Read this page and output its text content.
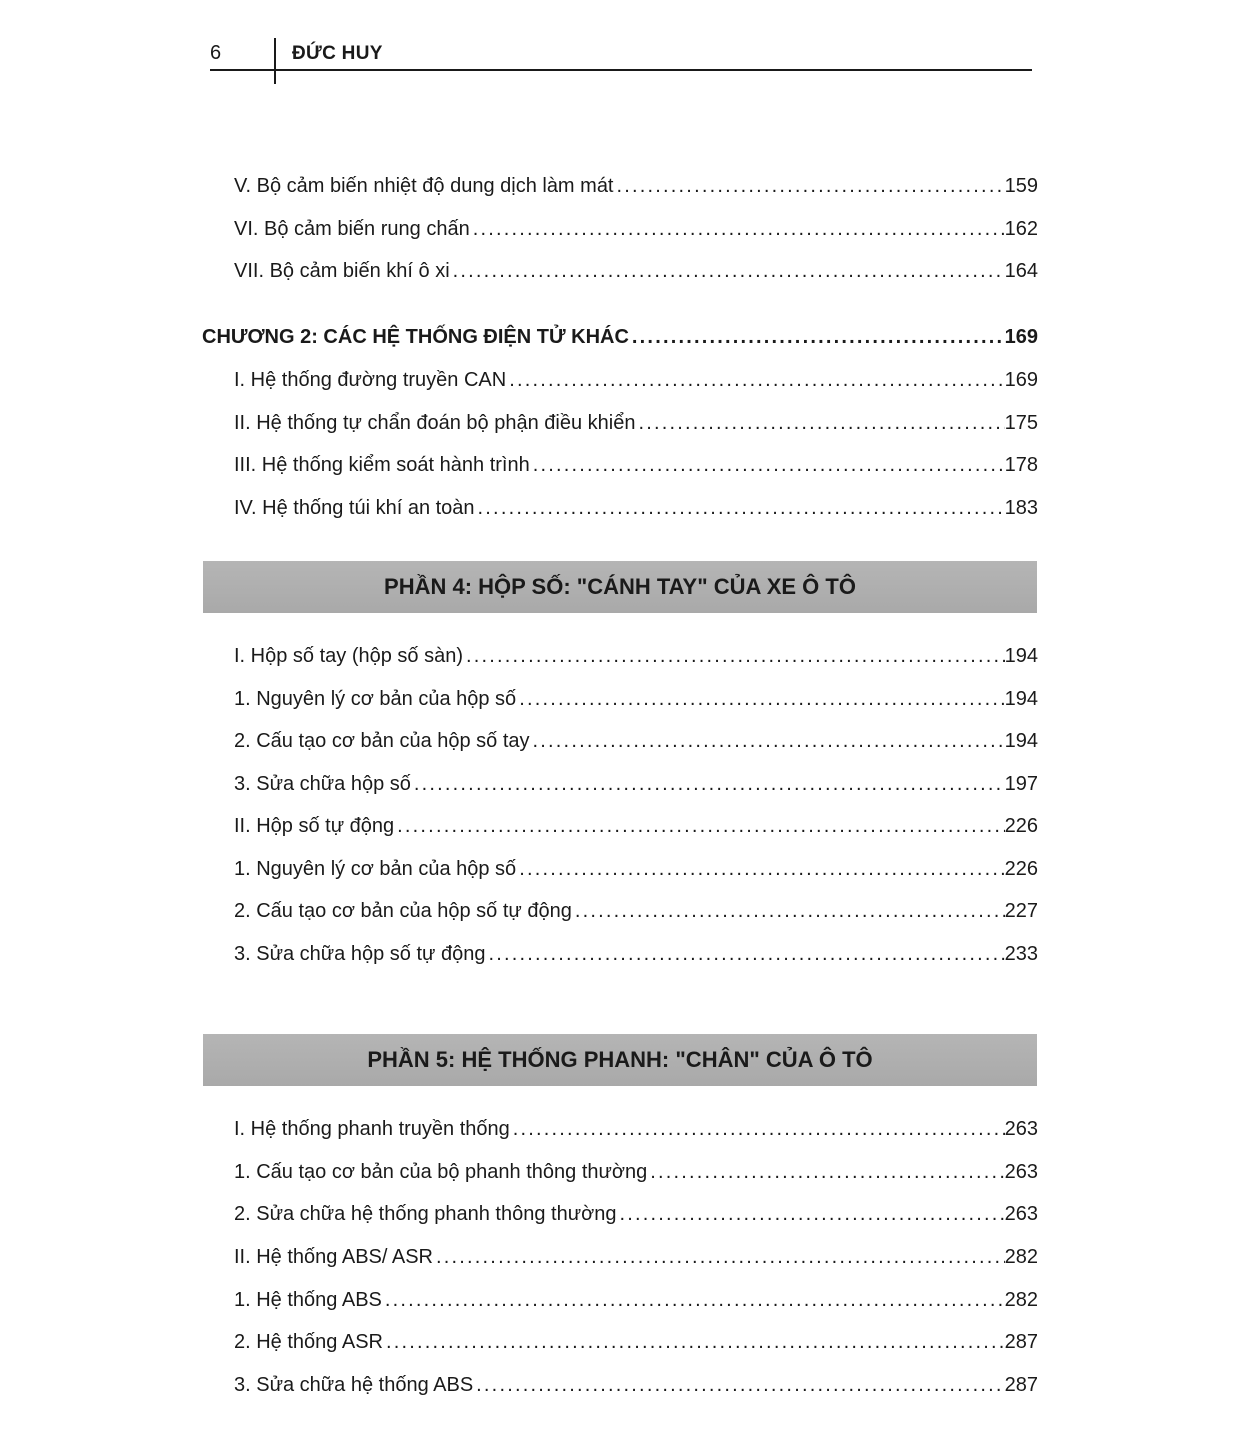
6	ĐỨC HUY
V. Bộ cảm biến nhiệt độ dung dịch làm mát .....	159
VI. Bộ cảm biến rung chấn .....	162
VII. Bộ cảm biến khí ô xi .....	164
CHƯƠNG 2: CÁC HỆ THỐNG ĐIỆN TỬ KHÁC .....	169
I. Hệ thống đường truyền CAN .....	169
II. Hệ thống tự chẩn đoán bộ phận điều khiển .....	175
III. Hệ thống kiểm soát hành trình .....	178
IV. Hệ thống túi khí an toàn .....	183
PHẦN 4: HỘP SỐ: "CÁNH TAY" CỦA XE Ô TÔ
I. Hộp số tay (hộp số sàn) .....	194
1. Nguyên lý cơ bản của hộp số .....	194
2. Cấu tạo cơ bản của hộp số tay .....	194
3. Sửa chữa hộp số .....	197
II. Hộp số tự động .....	226
1. Nguyên lý cơ bản của hộp số .....	226
2. Cấu tạo cơ bản của hộp số tự động .....	227
3. Sửa chữa hộp số tự động .....	233
PHẦN 5: HỆ THỐNG PHANH: "CHÂN" CỦA Ô TÔ
I. Hệ thống phanh truyền thống .....	263
1. Cấu tạo cơ bản của bộ phanh thông thường .....	263
2. Sửa chữa hệ thống phanh thông thường .....	263
II. Hệ thống ABS/ ASR .....	282
1. Hệ thống ABS .....	282
2. Hệ thống ASR .....	287
3. Sửa chữa hệ thống ABS .....	287
